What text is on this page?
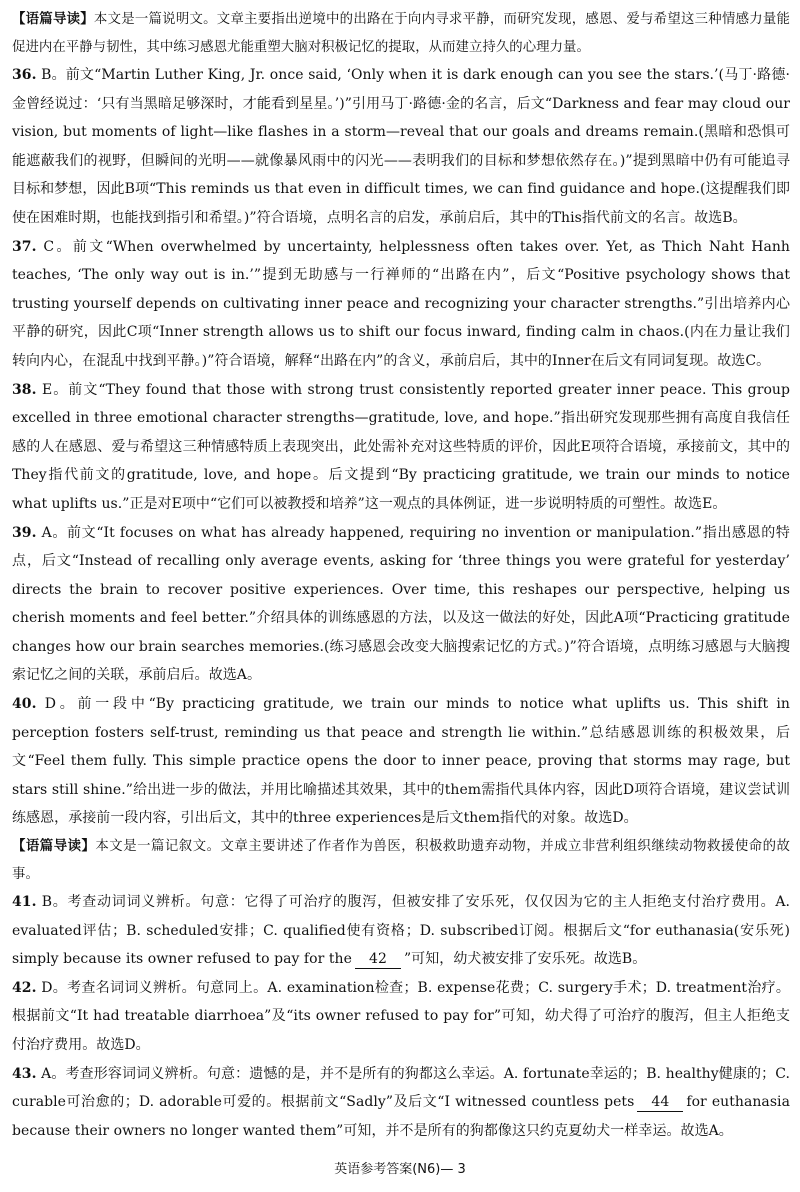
【语篇导读】本文是一篇说明文。文章主要指出逆境中的出路在于向内寻求平静，而研究发现，感恩、爱与希望这三种情感力量能促进内在平静与韧性，其中练习感恩尤能重塑大脑对积极记忆的提取，从而建立持久的心理力量。

36. B。前文“Martin Luther King, Jr. once said, ‘Only when it is dark enough can you see the stars.’(马丁·路德·金曾经说过：‘只有当黑暗足够深时，才能看到星星。’)”引用马丁·路德·金的名言，后文“Darkness and fear may cloud our vision, but moments of light—like flashes in a storm—reveal that our goals and dreams remain.(黑暗和恐惧可能遮蔽我们的视野，但瞬间的光明——就像暴风雨中的闪光——表明我们的目标和梦想依然存在。)”提到黑暗中仍有可能追寻目标和梦想，因此B项“This reminds us that even in difficult times, we can find guidance and hope.(这提醒我们即使在困难时期，也能找到指引和希望。)”符合语境，点明名言的启发，承前启后，其中的This指代前文的名言。故选B。

37. C。前文“When overwhelmed by uncertainty, helplessness often takes over. Yet, as Thich Naht Hanh teaches, ‘The only way out is in.’”提到无助感与一行禅师的“出路在内”，后文“Positive psychology shows that trusting yourself depends on cultivating inner peace and recognizing your character strengths.”引出培养内心平静的研究，因此C项“Inner strength allows us to shift our focus inward, finding calm in chaos.(内在力量让我们转向内心，在混乱中找到平静。)”符合语境，解释“出路在内”的含义，承前启后，其中的Inner在后文有同词复现。故选C。

38. E。前文“They found that those with strong trust consistently reported greater inner peace. This group excelled in three emotional character strengths—gratitude, love, and hope.”指出研究发现那些拥有高度自我信任感的人在感恩、爱与希望这三种情感特质上表现突出，此处需补充对这些特质的评价，因此E项符合语境，承接前文，其中的They指代前文的gratitude, love, and hope。后文提到“By practicing gratitude, we train our minds to notice what uplifts us.”正是对E项中“它们可以被教授和培养”这一观点的具体例证，进一步说明特质的可塑性。故选E。

39. A。前文“It focuses on what has already happened, requiring no invention or manipulation.”指出感恩的特点，后文“Instead of recalling only average events, asking for ‘three things you were grateful for yesterday’ directs the brain to recover positive experiences. Over time, this reshapes our perspective, helping us cherish moments and feel better.”介绍具体的训练感恩的方法，以及这一做法的好处，因此A项“Practicing gratitude changes how our brain searches memories.(练习感恩会改变大脑搜索记忆的方式。)”符合语境，点明练习感恩与大脑搜索记忆之间的关联，承前启后。故选A。

40. D。前一段中“By practicing gratitude, we train our minds to notice what uplifts us. This shift in perception fosters self-trust, reminding us that peace and strength lie within.”总结感恩训练的积极效果，后文“Feel them fully. This simple practice opens the door to inner peace, proving that storms may rage, but stars still shine.”给出进一步的做法，并用比喻描述其效果，其中的them需指代具体内容，因此D项符合语境，建议尝试训练感恩，承接前一段内容，引出后文，其中的three experiences是后文them指代的对象。故选D。

【语篇导读】本文是一篇记叙文。文章主要讲述了作者作为兽医，积极救助遗弃动物，并成立非营利组织继续动物救援使命的故事。

41. B。考查动词词义辨析。句意：它得了可治疗的腹泻，但被安排了安乐死，仅仅因为它的主人拒绝支付治疗费用。A. evaluated评估；B. scheduled安排；C. qualified使有资格；D. subscribed订阅。根据后文“for euthanasia(安乐死) simply because its owner refused to pay for the 42 ”可知，幼犬被安排了安乐死。故选B。

42. D。考查名词词义辨析。句意同上。A. examination检查；B. expense花费；C. surgery手术；D. treatment治疗。根据前文“It had treatable diarrhoea”及“its owner refused to pay for”可知，幼犬得了可治疗的腹泻，但主人拒绝支付治疗费用。故选D。

43. A。考查形容词词义辨析。句意：遗憾的是，并不是所有的狗都这么幸运。A. fortunate幸运的；B. healthy健康的；C. curable可治愈的；D. adorable可爱的。根据前文“Sadly”及后文“I witnessed countless pets 44 for euthanasia because their owners no longer wanted them”可知，并不是所有的狗都像这只约克夏幼犬一样幸运。故选A。

英语参考答案(N6)— 3
